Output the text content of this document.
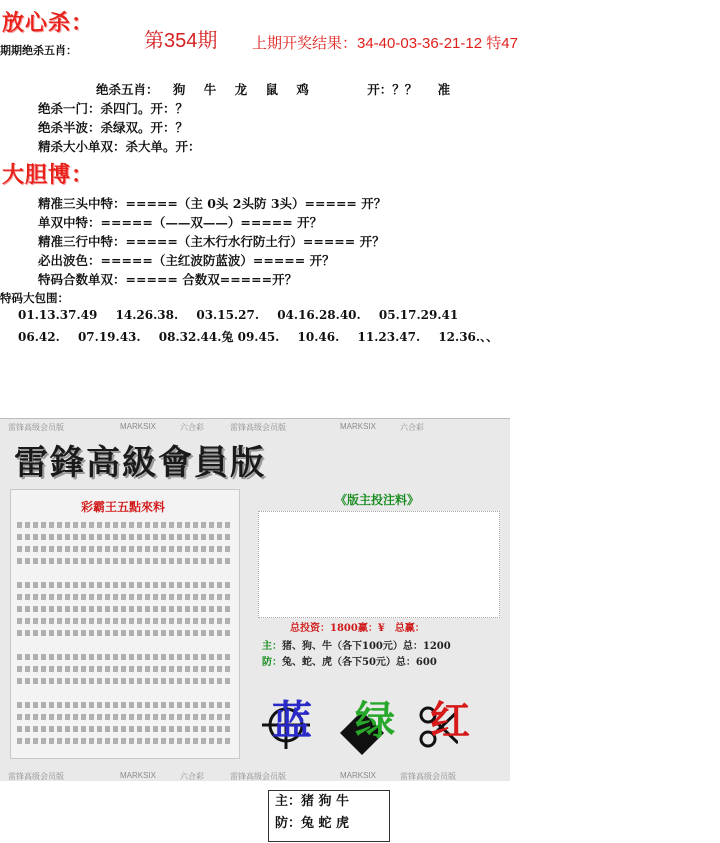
放心杀：
第354期 上期开奖结果：34-40-03-36-21-12 特47
期期绝杀五肖：
绝杀五肖： 狗 牛 龙 鼠 鸡	开：？？ 准
绝杀一门：杀四门。开：？
绝杀半波：杀绿双。开：？
精杀大小单双：杀大单。开：
大胆博：
精准三头中特：=====（主 0头 2头防 3头）===== 开？
单双中特：=====（——双——）===== 开？
精准三行中特：=====（主木行水行防土行）===== 开？
必出波色：=====（主红波防蓝波）===== 开？
特码合数单双：===== 合数双=====开？
特码大包围：
01.13.37.49 14.26.38. 03.15.27. 04.16.28.40. 05.17.29.41
06.42. 07.19.43. 08.32.44.兔 09.45. 10.46. 11.23.47. 12.36.、、
雷锋高级会员版	MARKSIX	六合彩	雷锋高级会员版	MARKSIX	六合彩
雷锋高级会员版	MARKSIX	六合彩	雷锋高级会员版	MARKSIX	雷锋高级会员版
雷鋒高級會員版
彩霸王五點來料	《版主投注料》
总投资：1800赢：¥　总赢：
主：猪、狗、牛（各下100元）总：1200
防：兔、蛇、虎（各下50元）总：600
蓝 绿 红
主：猪 狗 牛
防：兔 蛇 虎
